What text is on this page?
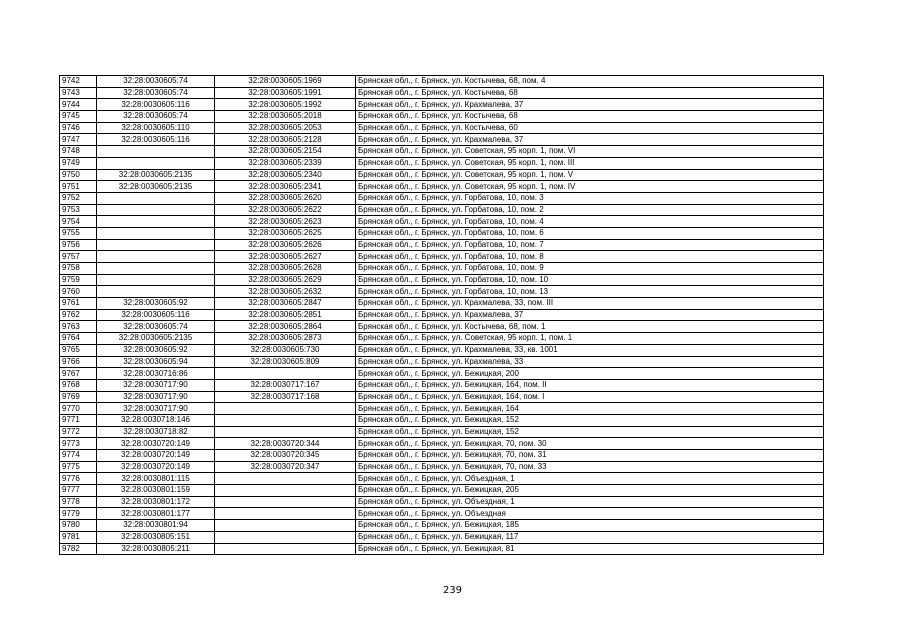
9742	32:28:0030605:74	32:28:0030605:1969	Брянская обл., г. Брянск, ул. Костычева, 68, пом. 4
9743	32:28:0030605:74	32:28:0030605:1991	Брянская обл., г. Брянск, ул. Костычева, 68
9744	32:28:0030605:116	32:28:0030605:1992	Брянская обл., г. Брянск, ул. Крахмалева, 37
9745	32:28:0030605:74	32:28:0030605:2018	Брянская обл., г. Брянск, ул. Костычева, 68
9746	32:28:0030605:110	32:28:0030605:2053	Брянская обл., г. Брянск, ул. Костычева, 60
9747	32:28:0030605:116	32:28:0030605:2128	Брянская обл., г. Брянск, ул. Крахмалева, 37
9748		32:28:0030605:2154	Брянская обл., г. Брянск, ул. Советская, 95 корп. 1, пом. VI
9749		32:28:0030605:2339	Брянская обл., г. Брянск, ул. Советская, 95 корп. 1, пом. III
9750	32:28:0030605:2135	32:28:0030605:2340	Брянская обл., г. Брянск, ул. Советская, 95 корп. 1, пом. V
9751	32:28:0030605:2135	32:28:0030605:2341	Брянская обл., г. Брянск, ул. Советская, 95 корп. 1, пом. IV
9752		32:28:0030605:2620	Брянская обл., г. Брянск, ул. Горбатова, 10, пом. 3
9753		32:28:0030605:2622	Брянская обл., г. Брянск, ул. Горбатова, 10, пом. 2
9754		32:28:0030605:2623	Брянская обл., г. Брянск, ул. Горбатова, 10, пом. 4
9755		32:28:0030605:2625	Брянская обл., г. Брянск, ул. Горбатова, 10, пом. 6
9756		32:28:0030605:2626	Брянская обл., г. Брянск, ул. Горбатова, 10, пом. 7
9757		32:28:0030605:2627	Брянская обл., г. Брянск, ул. Горбатова, 10, пом. 8
9758		32:28:0030605:2628	Брянская обл., г. Брянск, ул. Горбатова, 10, пом. 9
9759		32:28:0030605:2629	Брянская обл., г. Брянск, ул. Горбатова, 10, пом. 10
9760		32:28:0030605:2632	Брянская обл., г. Брянск, ул. Горбатова, 10, пом. 13
9761	32:28:0030605:92	32:28:0030605:2847	Брянская обл., г. Брянск, ул. Крахмалева, 33, пом. III
9762	32:28:0030605:116	32:28:0030605:2851	Брянская обл., г. Брянск, ул. Крахмалева, 37
9763	32:28:0030605:74	32:28:0030605:2864	Брянская обл., г. Брянск, ул. Костычева, 68, пом. 1
9764	32:28:0030605:2135	32:28:0030605:2873	Брянская обл., г. Брянск, ул. Советская, 95 корп. 1, пом. 1
9765	32:28:0030605:92	32:28:0030605:730	Брянская обл., г. Брянск, ул. Крахмалева, 33, кв. 1001
9766	32:28:0030605:94	32:28:0030605:809	Брянская обл., г. Брянск, ул. Крахмалева, 33
9767	32:28:0030716:86		Брянская обл., г. Брянск, ул. Бежицкая, 200
9768	32:28:0030717:90	32:28:0030717:167	Брянская обл., г. Брянск, ул. Бежицкая, 164, пом. II
9769	32:28:0030717:90	32:28:0030717:168	Брянская обл., г. Брянск, ул. Бежицкая, 164, пом. I
9770	32:28:0030717:90		Брянская обл., г. Брянск, ул. Бежицкая, 164
9771	32:28:0030718:146		Брянская обл., г. Брянск, ул. Бежицкая, 152
9772	32:28:0030718:82		Брянская обл., г. Брянск, ул. Бежицкая, 152
9773	32:28:0030720:149	32:28:0030720:344	Брянская обл., г. Брянск, ул. Бежицкая, 70, пом. 30
9774	32:28:0030720:149	32:28:0030720:345	Брянская обл., г. Брянск, ул. Бежицкая, 70, пом. 31
9775	32:28:0030720:149	32:28:0030720:347	Брянская обл., г. Брянск, ул. Бежицкая, 70, пом. 33
9776	32:28:0030801:115		Брянская обл., г. Брянск, ул. Объездная, 1
9777	32:28:0030801:159		Брянская обл., г. Брянск, ул. Бежицкая, 205
9778	32:28:0030801:172		Брянская обл., г. Брянск, ул. Объездная, 1
9779	32:28:0030801:177		Брянская обл., г. Брянск, ул. Объездная
9780	32:28:0030801:94		Брянская обл., г. Брянск, ул. Бежицкая, 185
9781	32:28:0030805:151		Брянская обл., г. Брянск, ул. Бежицкая, 117
9782	32:28:0030805:211		Брянская обл., г. Брянск, ул. Бежицкая, 81
239
